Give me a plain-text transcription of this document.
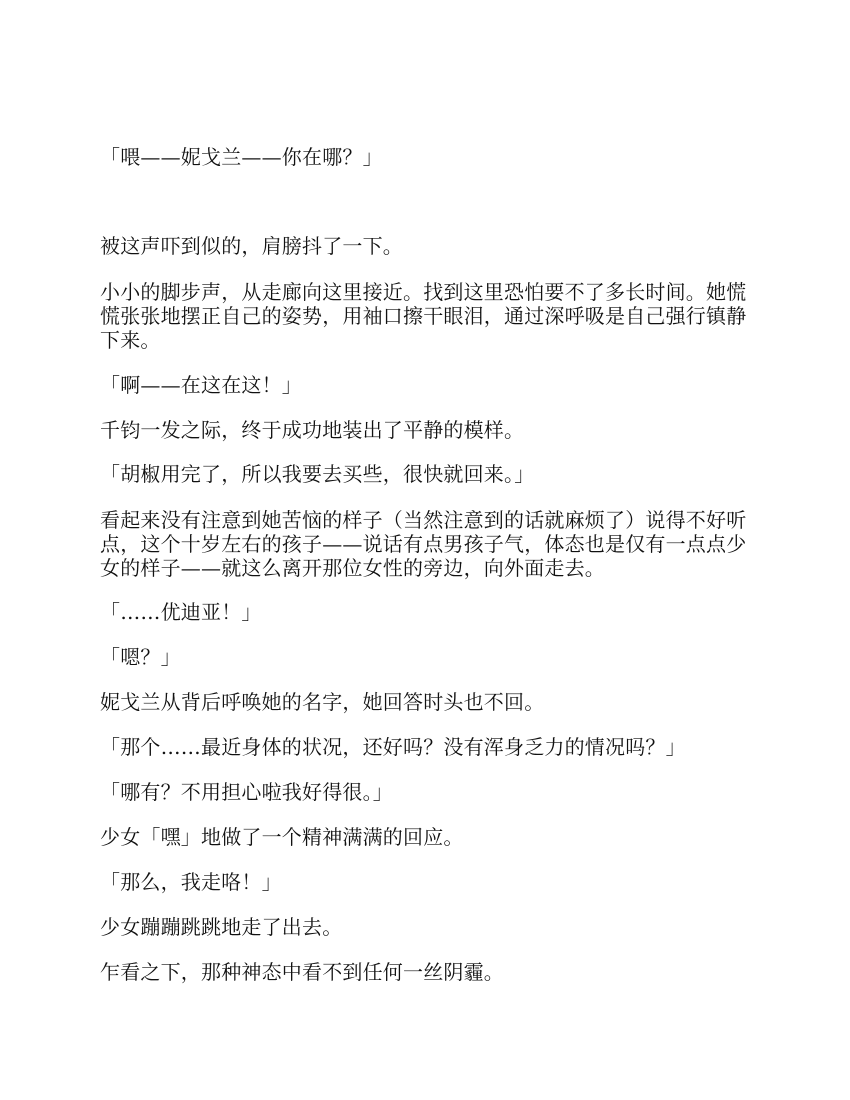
「喂——妮戈兰——你在哪？」

被这声吓到似的，肩膀抖了一下。

小小的脚步声，从走廊向这里接近。找到这里恐怕要不了多长时间。她慌慌张张地摆正自己的姿势，用袖口擦干眼泪，通过深呼吸是自己强行镇静下来。

「啊——在这在这！」

千钧一发之际，终于成功地装出了平静的模样。

「胡椒用完了，所以我要去买些，很快就回来。」

看起来没有注意到她苦恼的样子（当然注意到的话就麻烦了）说得不好听点，这个十岁左右的孩子——说话有点男孩子气，体态也是仅有一点点少女的样子——就这么离开那位女性的旁边，向外面走去。

「……优迪亚！」

「嗯？」

妮戈兰从背后呼唤她的名字，她回答时头也不回。

「那个……最近身体的状况，还好吗？没有浑身乏力的情况吗？」

「哪有？不用担心啦我好得很。」

少女「嘿」地做了一个精神满满的回应。

「那么，我走咯！」

少女蹦蹦跳跳地走了出去。

乍看之下，那种神态中看不到任何一丝阴霾。
